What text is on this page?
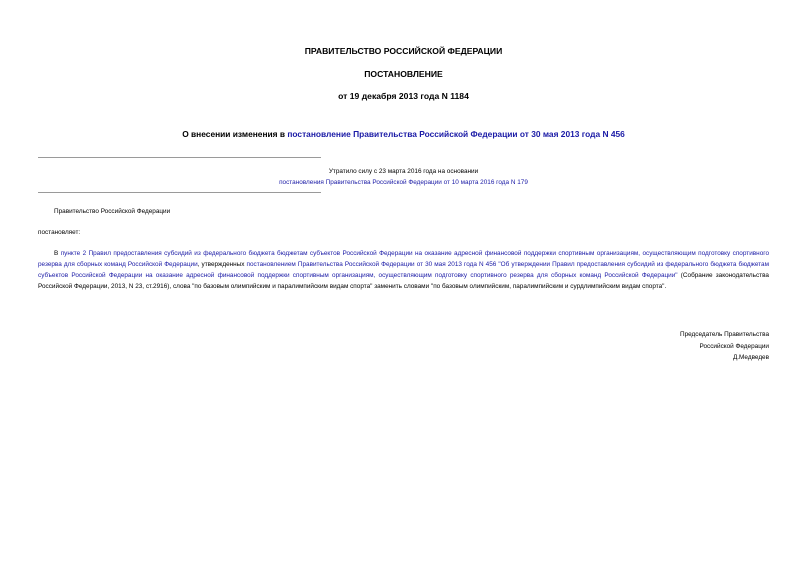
ПРАВИТЕЛЬСТВО РОССИЙСКОЙ ФЕДЕРАЦИИ
ПОСТАНОВЛЕНИЕ
от 19 декабря 2013 года N 1184
О внесении изменения в постановление Правительства Российской Федерации от 30 мая 2013 года N 456
Утратило силу с 23 марта 2016 года на основании
постановления Правительства Российской Федерации от 10 марта 2016 года N 179
Правительство Российской Федерации
постановляет:
В пункте 2 Правил предоставления субсидий из федерального бюджета бюджетам субъектов Российской Федерации на оказание адресной финансовой поддержки спортивным организациям, осуществляющим подготовку спортивного резерва для сборных команд Российской Федерации, утвержденных постановлением Правительства Российской Федерации от 30 мая 2013 года N 456 "Об утверждении Правил предоставления субсидий из федерального бюджета бюджетам субъектов Российской Федерации на оказание адресной финансовой поддержки спортивным организациям, осуществляющим подготовку спортивного резерва для сборных команд Российской Федерации" (Собрание законодательства Российской Федерации, 2013, N 23, ст.2916), слова "по базовым олимпийским и паралимпийским видам спорта" заменить словами "по базовым олимпийским, паралимпийским и сурдлимпийским видам спорта".
Председатель Правительства
Российской Федерации
Д.Медведев
